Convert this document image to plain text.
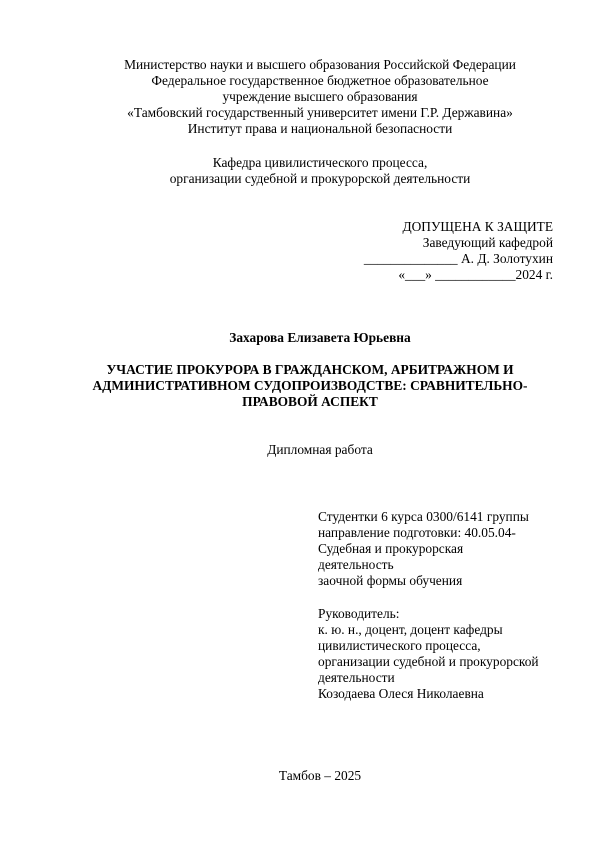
Министерство науки и высшего образования Российской Федерации
Федеральное государственное бюджетное образовательное
учреждение высшего образования
«Тамбовский государственный университет имени Г.Р. Державина»
Институт права и национальной безопасности
Кафедра цивилистического процесса,
организации судебной и прокурорской деятельности
ДОПУЩЕНА К ЗАЩИТЕ
Заведующий кафедрой
______________ А. Д. Золотухин
«___» ____________2024 г.
Захарова Елизавета Юрьевна
УЧАСТИЕ ПРОКУРОРА В ГРАЖДАНСКОМ, АРБИТРАЖНОМ И
АДМИНИСТРАТИВНОМ СУДОПРОИЗВОДСТВЕ: СРАВНИТЕЛЬНО-
ПРАВОВОЙ АСПЕКТ
Дипломная работа
Студентки 6 курса 0300/6141 группы
направление подготовки: 40.05.04-
Судебная и прокурорская
деятельность
заочной формы обучения
Руководитель:
к. ю. н., доцент, доцент кафедры
цивилистического процесса,
организации судебной и прокурорской
деятельности
Козодаева Олеся Николаевна
Тамбов – 2025
